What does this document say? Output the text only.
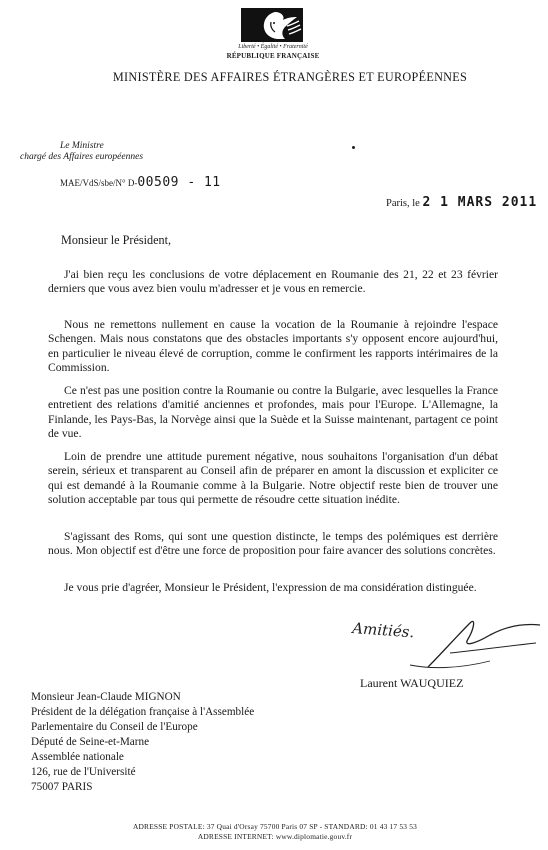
Liberté • Égalité • Fraternité
RÉPUBLIQUE FRANÇAISE
MINISTÈRE DES AFFAIRES ÉTRANGÈRES ET EUROPÉENNES
Le Ministre
chargé des Affaires européennes
MAE/VdS/sbe/N° D-00509 - 11
Paris, le 2 1 MARS 2011
Monsieur le Président,

J'ai bien reçu les conclusions de votre déplacement en Roumanie des 21, 22 et 23 février derniers que vous avez bien voulu m'adresser et je vous en remercie.

Nous ne remettons nullement en cause la vocation de la Roumanie à rejoindre l'espace Schengen. Mais nous constatons que des obstacles importants s'y opposent encore aujourd'hui, en particulier le niveau élevé de corruption, comme le confirment les rapports intérimaires de la Commission.

Ce n'est pas une position contre la Roumanie ou contre la Bulgarie, avec lesquelles la France entretient des relations d'amitié anciennes et profondes, mais pour l'Europe. L'Allemagne, la Finlande, les Pays-Bas, la Norvège ainsi que la Suède et la Suisse maintenant, partagent ce point de vue.

Loin de prendre une attitude purement négative, nous souhaitons l'organisation d'un débat serein, sérieux et transparent au Conseil afin de préparer en amont la discussion et expliciter ce qui est demandé à la Roumanie comme à la Bulgarie. Notre objectif reste bien de trouver une solution acceptable par tous qui permette de résoudre cette situation inédite.

S'agissant des Roms, qui sont une question distincte, le temps des polémiques est derrière nous. Mon objectif est d'être une force de proposition pour faire avancer des solutions concrètes.

Je vous prie d'agréer, Monsieur le Président, l'expression de ma considération distinguée.

Amitiés.
Laurent WAUQUIEZ
Monsieur Jean-Claude MIGNON
Président de la délégation française à l'Assemblée
Parlementaire du Conseil de l'Europe
Député de Seine-et-Marne
Assemblée nationale
126, rue de l'Université
75007 PARIS
ADRESSE POSTALE: 37 Quai d'Orsay 75700 Paris 07 SP - STANDARD: 01 43 17 53 53
ADRESSE INTERNET: www.diplomatie.gouv.fr
